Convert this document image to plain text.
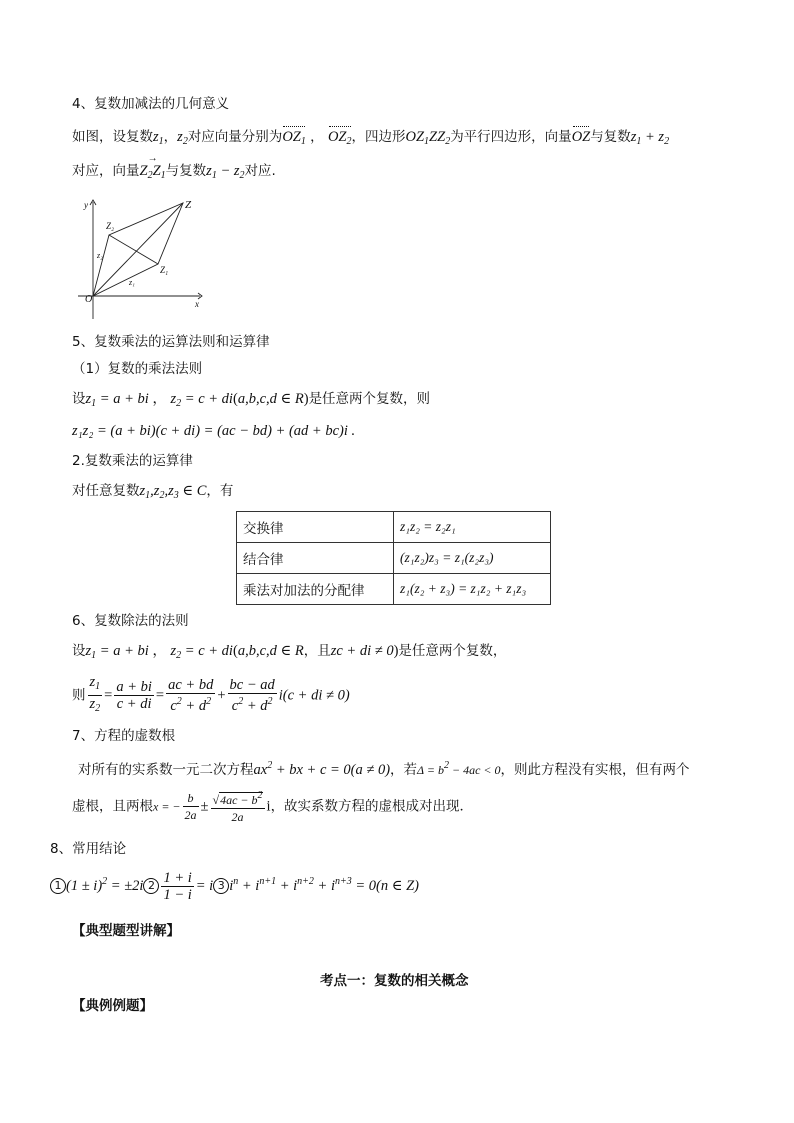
4、复数加减法的几何意义
如图，设复数$z_1$，$z_2$对应向量分别为$OZ_1$ ， $OZ_2$，四边形$OZ_1ZZ_2$为平行四边形，向量OZ与复数$z_1 + z_2$
对应，向量→ $Z_2Z_1$与复数$z_1 - z_2$对应.
y
x
O
Z
Z₂
Z₁
z₂
z₁
5、复数乘法的运算法则和运算律
（1）复数的乘法法则
设$z_1 = a$ + bi ， $z_2 = c + di(a,b,c,d$ ∈ R)是任意两个复数，则
z₁z₂ = (a + bi)(c + di) = (ac − bd) + (ad + bc)i .
2.复数乘法的运算律
对任意复数$z_1,z_2,z_3$ ∈ C，有
交换律	z₁z₂ = z₂z₁
结合律	(z₁z₂)z₃ = z₁(z₂z₃)
乘法对加法的分配律	z₁(z₂ + z₃) = z₁z₂ + z₁z₃
6、复数除法的法则
设$z_1 = a$ + bi ， $z_2 = c + di(a,b,c,d$ ∈ R，且zc + di ≠ 0)是任意两个复数，
则 $\frac{z_1}{z_2} = \frac{a + bi}{c + di} = \frac{ac + bd}{c^2 + d^2} + \frac{bc - ad}{c^2 + d^2} i(c$ + di ≠ 0)
7、方程的虚数根
对所有的实系数一元二次方程$ax^2$ + bx + c = 0(a ≠ 0)，若$\Delta = b^2 - 4ac < 0$，则此方程没有实根，但有两个
虚根，且两根x = − $\frac{b}{2a} \pm \frac{√4ac - b^2}{2a}$ i，故实系数方程的虚根成对出现．
8、常用结论
1 $(1 \pm i)^2 = \pm 2i$ $2 \frac{1 + i}{1 - i} = i$ 3 $i^n + i^{n+1} + i^{n+2} + i^{n+3} = 0(n$ ∈ Z)
【典型题型讲解】
考点一：复数的相关概念
【典例例题】
